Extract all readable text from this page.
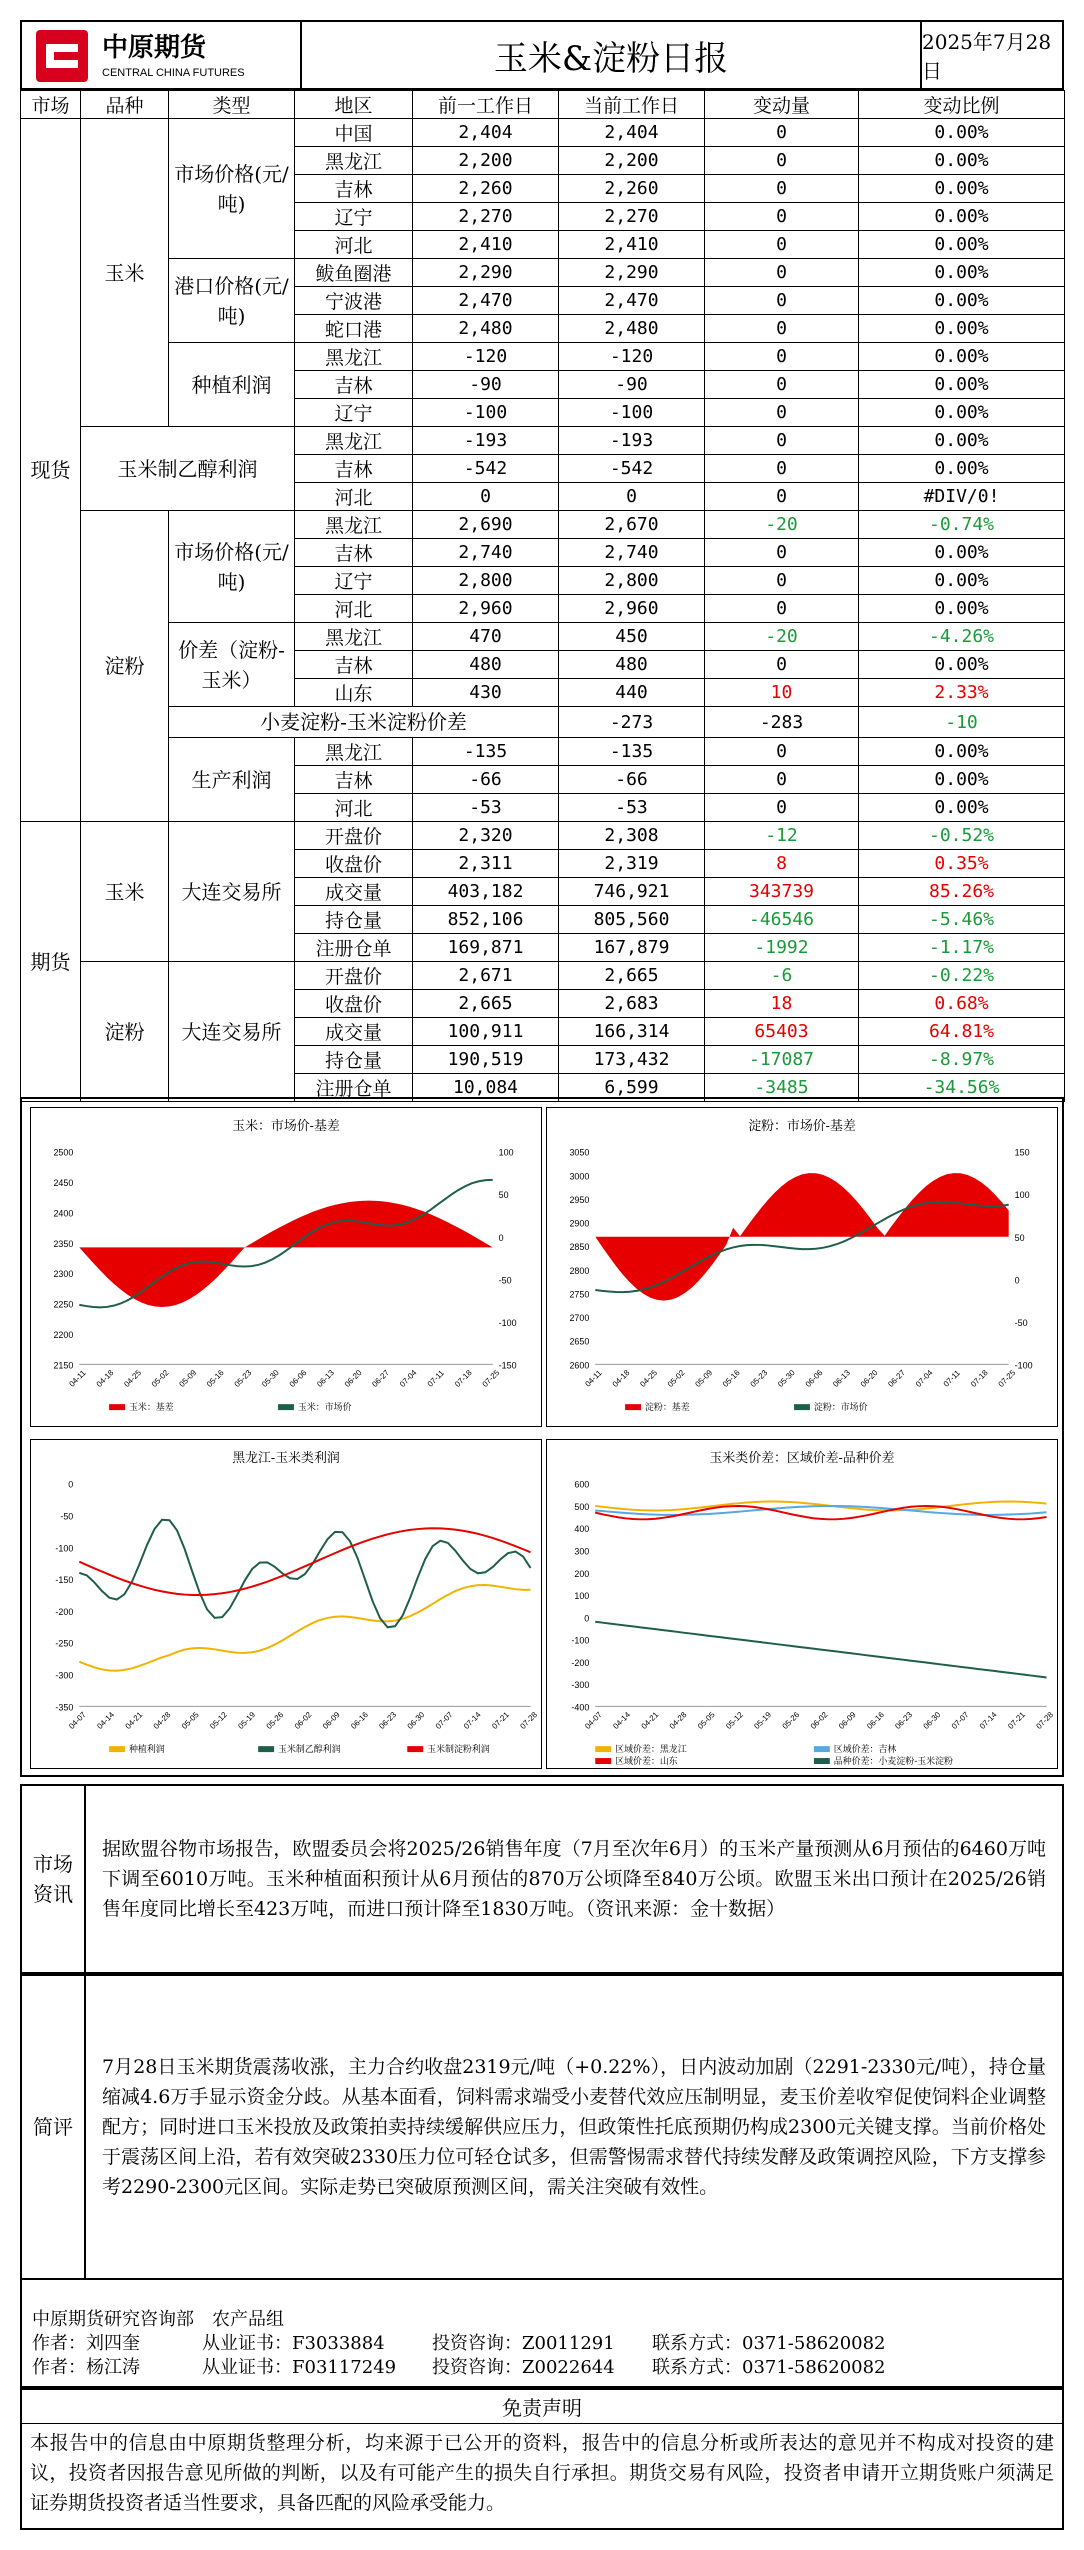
中原期货
CENTRAL CHINA FUTURES	玉米&淀粉日报	2025年7月28日
市场	品种	类型	地区	前一工作日	当前工作日	变动量	变动比例	
现货	玉米	市场价格(元/吨)	中国	2,404	2,404	0	0.00%	
			黑龙江	2,200	2,200	0	0.00%	
			吉林	2,260	2,260	0	0.00%	
			辽宁	2,270	2,270	0	0.00%	
			河北	2,410	2,410	0	0.00%	
		港口价格(元/吨)	鲅鱼圈港	2,290	2,290	0	0.00%	
			宁波港	2,470	2,470	0	0.00%	
			蛇口港	2,480	2,480	0	0.00%	
		种植利润	黑龙江	-120	-120	0	0.00%	
			吉林	-90	-90	0	0.00%	
			辽宁	-100	-100	0	0.00%	
	玉米制乙醇利润		黑龙江	-193	-193	0	0.00%	
			吉林	-542	-542	0	0.00%	
			河北	0	0	0	#DIV/0!	
	淀粉	市场价格(元/吨)	黑龙江	2,690	2,670	-20	-0.74%	
			吉林	2,740	2,740	0	0.00%	
			辽宁	2,800	2,800	0	0.00%	
			河北	2,960	2,960	0	0.00%	
		价差（淀粉-玉米）	黑龙江	470	450	-20	-4.26%	
			吉林	480	480	0	0.00%	
			山东	430	440	10	2.33%	
		小麦淀粉-玉米淀粉价差			-273	-283	-10	
		生产利润	黑龙江	-135	-135	0	0.00%	
			吉林	-66	-66	0	0.00%	
			河北	-53	-53	0	0.00%	
期货	玉米	大连交易所	开盘价	2,320	2,308	-12	-0.52%	
			收盘价	2,311	2,319	8	0.35%	
			成交量	403,182	746,921	343739	85.26%	
			持仓量	852,106	805,560	-46546	-5.46%	
			注册仓单	169,871	167,879	-1992	-1.17%	
	淀粉	大连交易所	开盘价	2,671	2,665	-6	-0.22%	
			收盘价	2,665	2,683	18	0.68%	
			成交量	100,911	166,314	65403	64.81%	
			持仓量	190,519	173,432	-17087	-8.97%	
			注册仓单	10,084	6,599	-3485	-34.56%	
玉米：市场价-基差
2500
2450
2400
2350
2300
2250
2200
2150
100
50
0
-50
-100
-150
04-11 04-18 04-25 05-02 05-09 05-16 05-23 05-30 06-06 06-13 06-20 06-27 07-04 07-11 07-18 07-25
玉米：基差	玉米：市场价
淀粉：市场价-基差
3050
3000
2950
2900
2850
2800
2750
2700
2650
2600
150
100
50
0
-50
-100
04-11 04-18 04-25 05-02 05-09 05-16 05-23 05-30 06-06 06-13 06-20 06-27 07-04 07-11 07-18 07-25
淀粉：基差	淀粉：市场价
黑龙江-玉米类利润
0
-50
-100
-150
-200
-250
-300
-350
04-07 04-14 04-21 04-28 05-05 05-12 05-19 05-26 06-02 06-09 06-16 06-23 06-30 07-07 07-14 07-21 07-28
种植利润	玉米制乙醇利润	玉米制淀粉利润
玉米类价差：区域价差-品种价差
600
500
400
300
200
100
0
-100
-200
-300
-400
04-07 04-14 04-21 04-28 05-05 05-12 05-19 05-26 06-02 06-09 06-16 06-23 06-30 07-07 07-14 07-21 07-28
区域价差：黑龙江	区域价差：吉林
区域价差：山东	品种价差：小麦淀粉-玉米淀粉
市场资讯
据欧盟谷物市场报告，欧盟委员会将2025/26销售年度（7月至次年6月）的玉米产量预测从6月预估的6460万吨下调至6010万吨。玉米种植面积预计从6月预估的870万公顷降至840万公顷。欧盟玉米出口预计在2025/26销售年度同比增长至423万吨，而进口预计降至1830万吨。（资讯来源：金十数据）
简评
7月28日玉米期货震荡收涨，主力合约收盘2319元/吨（+0.22%），日内波动加剧（2291-2330元/吨），持仓量缩减4.6万手显示资金分歧。从基本面看，饲料需求端受小麦替代效应压制明显，麦玉价差收窄促使饲料企业调整配方；同时进口玉米投放及政策拍卖持续缓解供应压力，但政策性托底预期仍构成2300元关键支撑。当前价格处于震荡区间上沿，若有效突破2330压力位可轻仓试多，但需警惕需求替代持续发酵及政策调控风险，下方支撑参考2290-2300元区间。实际走势已突破原预测区间，需关注突破有效性。
中原期货研究咨询部　农产品组
作者：刘四奎	从业证书：F3033884	投资咨询：Z0011291	联系方式：0371-58620082
作者：杨江涛	从业证书：F03117249	投资咨询：Z0022644	联系方式：0371-58620082
免责声明
本报告中的信息由中原期货整理分析，均来源于已公开的资料，报告中的信息分析或所表达的意见并不构成对投资的建议，投资者因报告意见所做的判断，以及有可能产生的损失自行承担。期货交易有风险，投资者申请开立期货账户须满足证券期货投资者适当性要求，具备匹配的风险承受能力。
